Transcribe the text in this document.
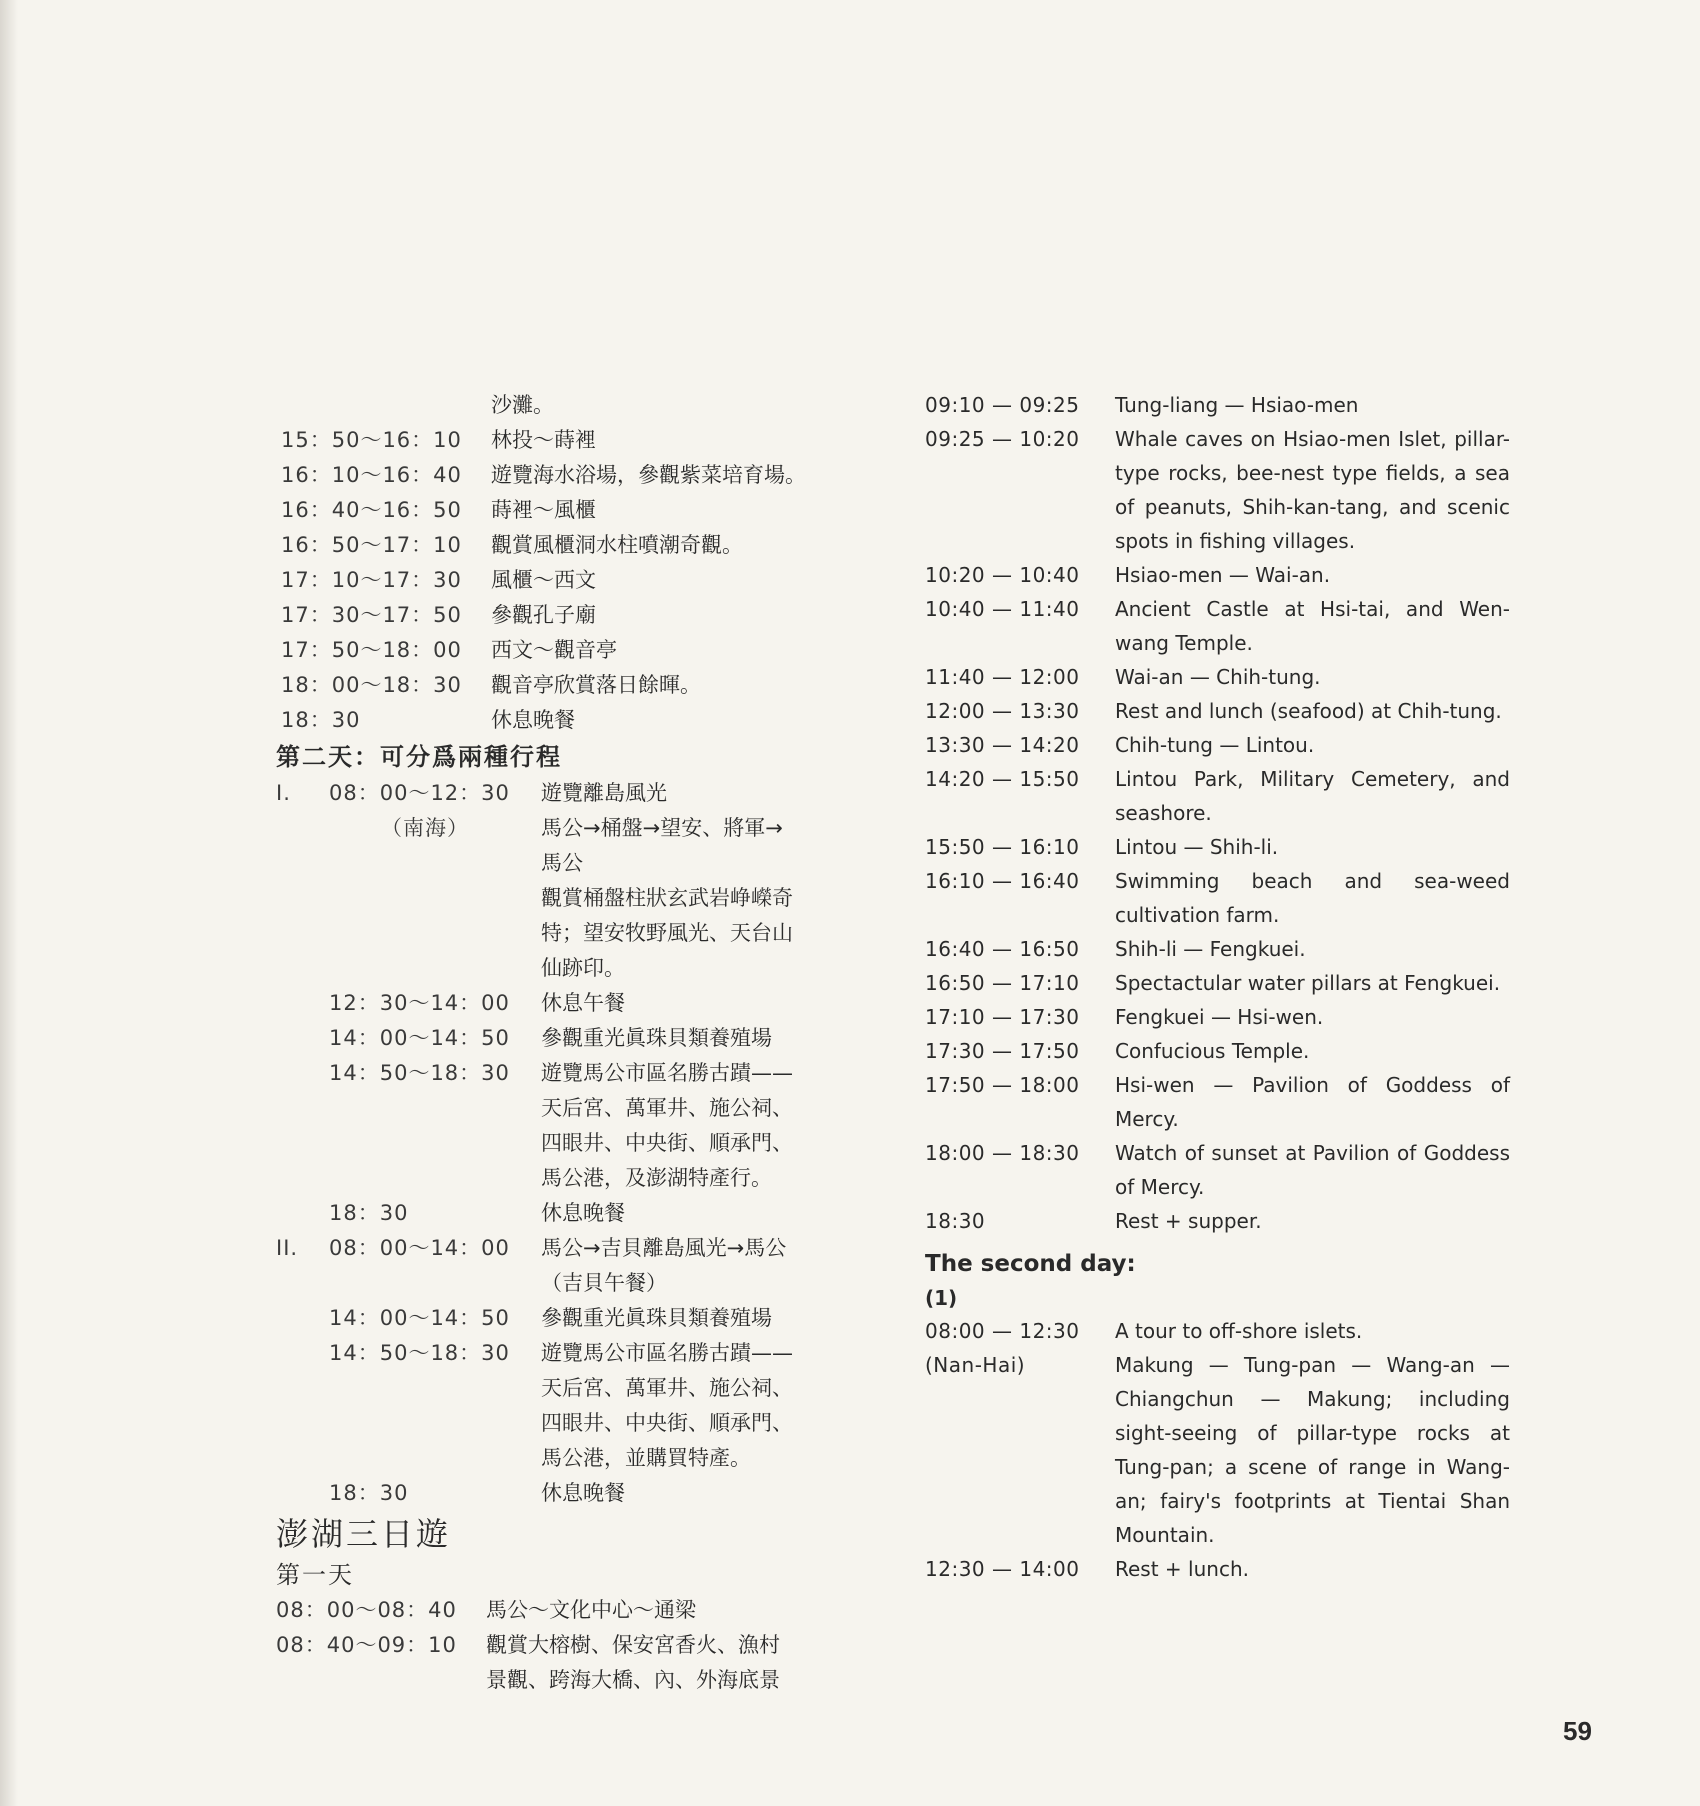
沙灘。
15：50～16：10 林投～蒔裡
16：10～16：40 遊覽海水浴場，參觀紫菜培育場。
16：40～16：50 蒔裡～風櫃
16：50～17：10 觀賞風櫃洞水柱噴潮奇觀。
17：10～17：30 風櫃～西文
17：30～17：50 參觀孔子廟
17：50～18：00 西文～觀音亭
18：00～18：30 觀音亭欣賞落日餘暉。
18：30	休息晚餐
第二天：可分爲兩種行程
I. 08：00～12：30 遊覽離島風光
（南海）	馬公→桶盤→望安、將軍→
馬公
觀賞桶盤柱狀玄武岩峥嶸奇
特；望安牧野風光、天台山
仙跡印。
12：30～14：00 休息午餐
14：00～14：50 參觀重光眞珠貝類養殖場
14：50～18：30 遊覽馬公市區名勝古蹟——
天后宮、萬軍井、施公祠、
四眼井、中央街、順承門、
馬公港，及澎湖特產行。
18：30	休息晚餐
II. 08：00～14：00 馬公→吉貝離島風光→馬公
（吉貝午餐）
14：00～14：50 參觀重光眞珠貝類養殖場
14：50～18：30 遊覽馬公市區名勝古蹟——
天后宮、萬軍井、施公祠、
四眼井、中央街、順承門、
馬公港，並購買特產。
18：30	休息晚餐
澎湖三日遊
第一天
08：00～08：40 馬公～文化中心～通梁
08：40～09：10 觀賞大榕樹、保安宮香火、漁村
景觀、跨海大橋、內、外海底景
09:10 — 09:25 Tung-liang — Hsiao-men
09:25 — 10:20 Whale caves on Hsiao-men Islet, pillar-type rocks, bee-nest type fields, a sea of peanuts, Shih-kan-tang, and scenic spots in fishing villages.
10:20 — 10:40 Hsiao-men — Wai-an.
10:40 — 11:40 Ancient Castle at Hsi-tai, and Wen-wang Temple.
11:40 — 12:00 Wai-an — Chih-tung.
12:00 — 13:30 Rest and lunch (seafood) at Chih-tung.
13:30 — 14:20 Chih-tung — Lintou.
14:20 — 15:50 Lintou Park, Military Cemetery, and seashore.
15:50 — 16:10 Lintou — Shih-li.
16:10 — 16:40 Swimming beach and sea-weed cultivation farm.
16:40 — 16:50 Shih-li — Fengkuei.
16:50 — 17:10 Spectactular water pillars at Fengkuei.
17:10 — 17:30 Fengkuei — Hsi-wen.
17:30 — 17:50 Confucious Temple.
17:50 — 18:00 Hsi-wen — Pavilion of Goddess of Mercy.
18:00 — 18:30 Watch of sunset at Pavilion of Goddess of Mercy.
18:30	Rest + supper.
The second day:
(1)
08:00 — 12:30 A tour to off-shore islets.
(Nan-Hai)	Makung — Tung-pan — Wang-an — Chiangchun — Makung; including sight-seeing of pillar-type rocks at Tung-pan; a scene of range in Wang-an; fairy's footprints at Tientai Shan Mountain.
12:30 — 14:00 Rest + lunch.
59
